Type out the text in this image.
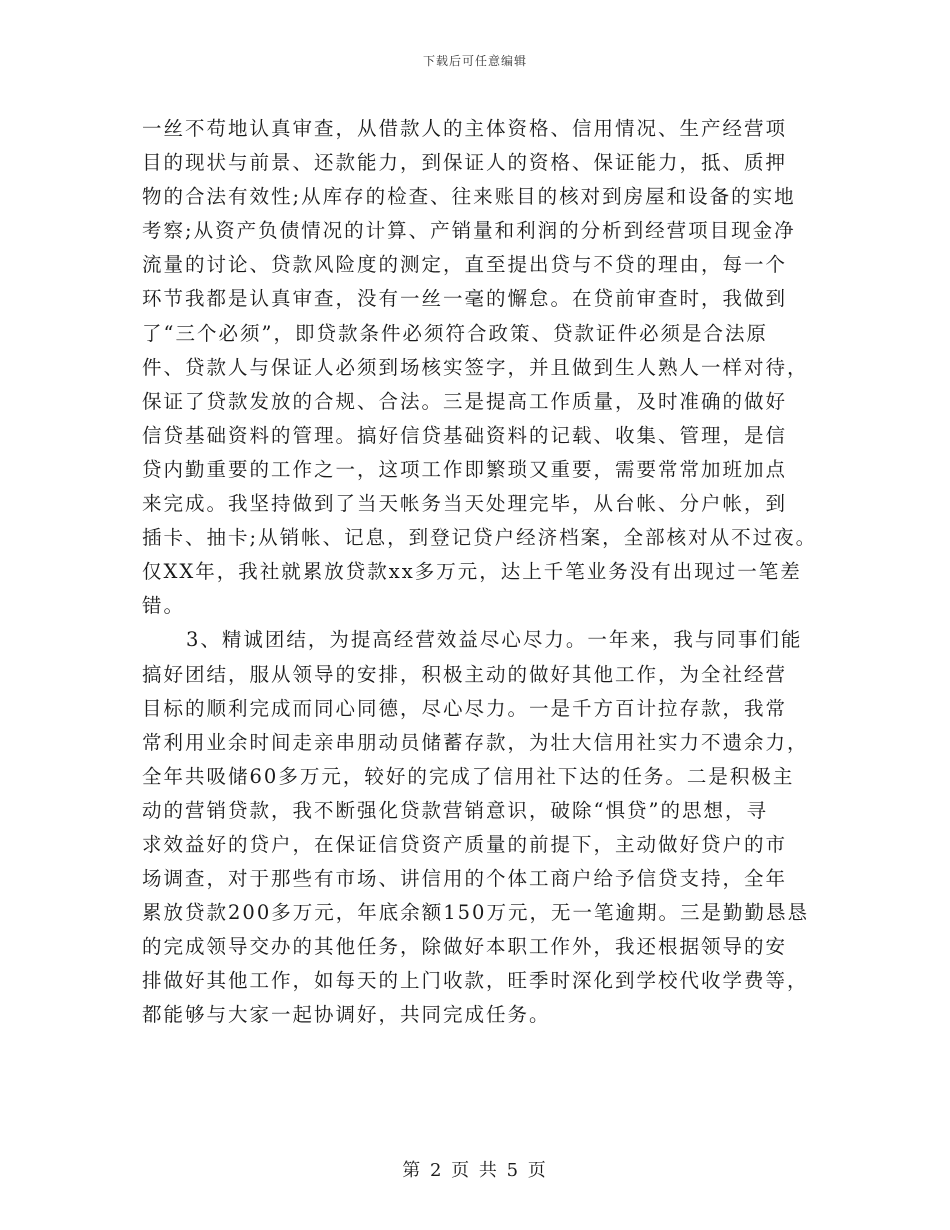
下载后可任意编辑
一丝不苟地认真审查，从借款人的主体资格、信用情况、生产经营项
目的现状与前景、还款能力，到保证人的资格、保证能力，抵、质押
物的合法有效性;从库存的检查、往来账目的核对到房屋和设备的实地
考察;从资产负债情况的计算、产销量和利润的分析到经营项目现金净
流量的讨论、贷款风险度的测定，直至提出贷与不贷的理由，每一个
环节我都是认真审查，没有一丝一毫的懈怠。在贷前审查时，我做到
了“三个必须”，即贷款条件必须符合政策、贷款证件必须是合法原
件、贷款人与保证人必须到场核实签字，并且做到生人熟人一样对待，
保证了贷款发放的合规、合法。三是提高工作质量，及时准确的做好
信贷基础资料的管理。搞好信贷基础资料的记载、收集、管理，是信
贷内勤重要的工作之一，这项工作即繁琐又重要，需要常常加班加点
来完成。我坚持做到了当天帐务当天处理完毕，从台帐、分户帐，到
插卡、抽卡;从销帐、记息，到登记贷户经济档案，全部核对从不过夜。
仅XX年，我社就累放贷款xx多万元，达上千笔业务没有出现过一笔差
错。
3、精诚团结，为提高经营效益尽心尽力。一年来，我与同事们能
搞好团结，服从领导的安排，积极主动的做好其他工作，为全社经营
目标的顺利完成而同心同德，尽心尽力。一是千方百计拉存款，我常
常利用业余时间走亲串朋动员储蓄存款，为壮大信用社实力不遗余力，
全年共吸储60多万元，较好的完成了信用社下达的任务。二是积极主
动的营销贷款，我不断强化贷款营销意识，破除“惧贷”的思想，寻
求效益好的贷户，在保证信贷资产质量的前提下，主动做好贷户的市
场调查，对于那些有市场、讲信用的个体工商户给予信贷支持，全年
累放贷款200多万元，年底余额150万元，无一笔逾期。三是勤勤恳恳
的完成领导交办的其他任务，除做好本职工作外，我还根据领导的安
排做好其他工作，如每天的上门收款，旺季时深化到学校代收学费等，
都能够与大家一起协调好，共同完成任务。
第 2 页 共 5 页
